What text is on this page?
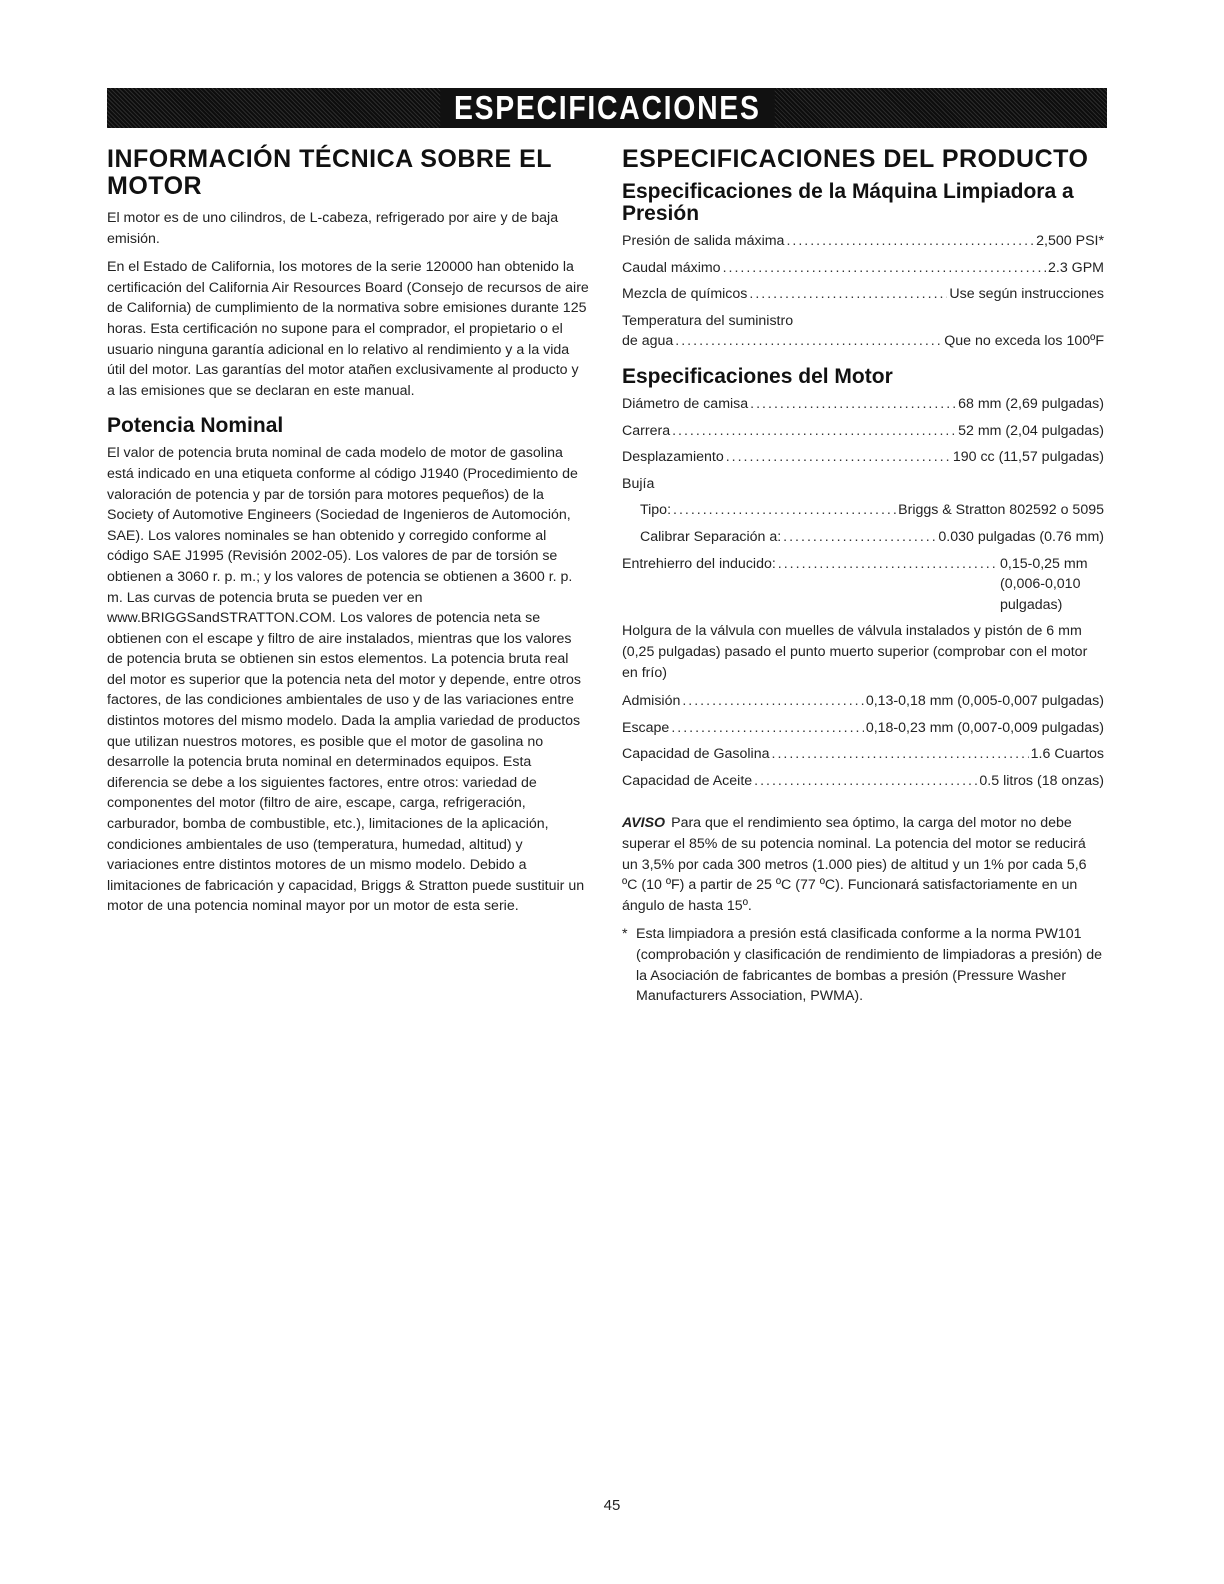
ESPECIFICACIONES
INFORMACIÓN TÉCNICA SOBRE EL MOTOR

El motor es de uno cilindros, de L-cabeza, refrigerado por aire y de baja emisión.

En el Estado de California, los motores de la serie 120000 han obtenido la certificación del California Air Resources Board (Consejo de recursos de aire de California) de cumplimiento de la normativa sobre emisiones durante 125 horas. Esta certificación no supone para el comprador, el propietario o el usuario ninguna garantía adicional en lo relativo al rendimiento y a la vida útil del motor. Las garantías del motor atañen exclusivamente al producto y a las emisiones que se declaran en este manual.

Potencia Nominal

El valor de potencia bruta nominal de cada modelo de motor de gasolina está indicado en una etiqueta conforme al código J1940 (Procedimiento de valoración de potencia y par de torsión para motores pequeños) de la Society of Automotive Engineers (Sociedad de Ingenieros de Automoción, SAE). Los valores nominales se han obtenido y corregido conforme al código SAE J1995 (Revisión 2002-05). Los valores de par de torsión se obtienen a 3060 r. p. m.; y los valores de potencia se obtienen a 3600 r. p. m. Las curvas de potencia bruta se pueden ver en www.BRIGGSandSTRATTON.COM. Los valores de potencia neta se obtienen con el escape y filtro de aire instalados, mientras que los valores de potencia bruta se obtienen sin estos elementos. La potencia bruta real del motor es superior que la potencia neta del motor y depende, entre otros factores, de las condiciones ambientales de uso y de las variaciones entre distintos motores del mismo modelo. Dada la amplia variedad de productos que utilizan nuestros motores, es posible que el motor de gasolina no desarrolle la potencia bruta nominal en determinados equipos. Esta diferencia se debe a los siguientes factores, entre otros: variedad de componentes del motor (filtro de aire, escape, carga, refrigeración, carburador, bomba de combustible, etc.), limitaciones de la aplicación, condiciones ambientales de uso (temperatura, humedad, altitud) y variaciones entre distintos motores de un mismo modelo. Debido a limitaciones de fabricación y capacidad, Briggs & Stratton puede sustituir un motor de una potencia nominal mayor por un motor de esta serie.

ESPECIFICACIONES DEL PRODUCTO
Especificaciones de la Máquina Limpiadora a Presión
Presión de salida máxima .....	2,500 PSI*
Caudal máximo .....	2.3 GPM
Mezcla de químicos .....	Use según instrucciones
Temperatura del suministro
de agua .....	Que no exceda los 100ºF
Especificaciones del Motor
Diámetro de camisa .....	68 mm (2,69 pulgadas)
Carrera .....	52 mm (2,04 pulgadas)
Desplazamiento .....	190 cc (11,57 pulgadas)
Bujía
Tipo: .....	Briggs & Stratton 802592 o 5095
Calibrar Separación a: .....	0.030 pulgadas (0.76 mm)
Entrehierro del inducido: .....	0,15-0,25 mm (0,006-0,010 pulgadas)

Holgura de la válvula con muelles de válvula instalados y pistón de 6 mm (0,25 pulgadas) pasado el punto muerto superior (comprobar con el motor en frío)

Admisión .....	0,13-0,18 mm (0,005-0,007 pulgadas)
Escape .....	0,18-0,23 mm (0,007-0,009 pulgadas)
Capacidad de Gasolina .....	1.6 Cuartos
Capacidad de Aceite .....	0.5 litros (18 onzas)

AVISO Para que el rendimiento sea óptimo, la carga del motor no debe superar el 85% de su potencia nominal. La potencia del motor se reducirá un 3,5% por cada 300 metros (1.000 pies) de altitud y un 1% por cada 5,6 ºC (10 ºF) a partir de 25 ºC (77 ºC). Funcionará satisfactoriamente en un ángulo de hasta 15º.

* Esta limpiadora a presión está clasificada conforme a la norma PW101 (comprobación y clasificación de rendimiento de limpiadoras a presión) de la Asociación de fabricantes de bombas a presión (Pressure Washer Manufacturers Association, PWMA).
45
